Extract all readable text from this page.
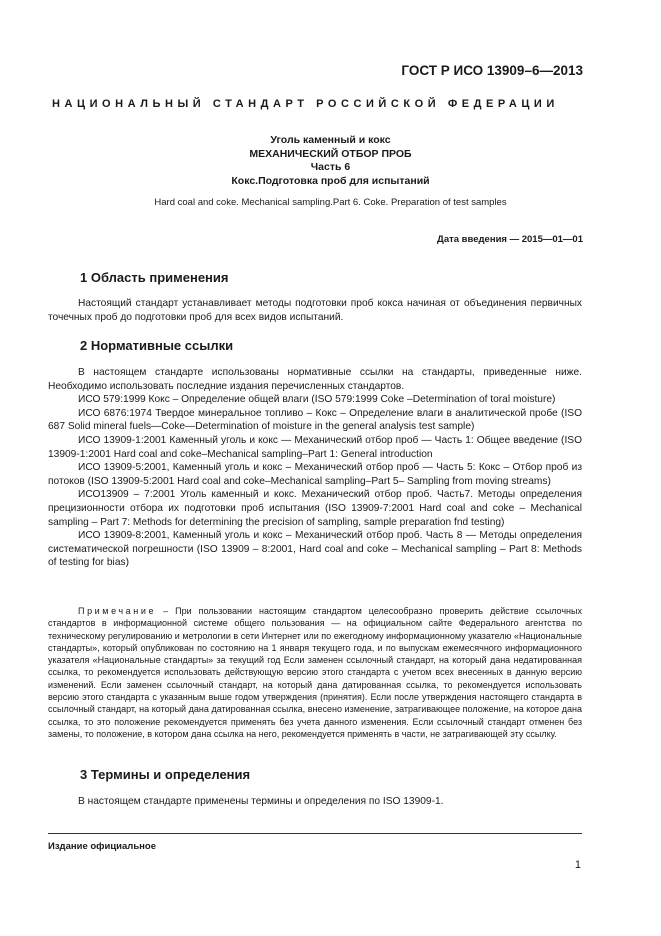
ГОСТ Р ИСО 13909–6—2013
НАЦИОНАЛЬНЫЙ СТАНДАРТ РОССИЙСКОЙ ФЕДЕРАЦИИ
Уголь каменный и кокс
МЕХАНИЧЕСКИЙ ОТБОР ПРОБ
Часть 6
Кокс.Подготовка проб для испытаний
Hard coal and coke. Mechanical sampling.Part 6. Coke. Preparation of test samples
Дата введения — 2015—01—01
1 Область применения

Настоящий стандарт устанавливает методы подготовки проб кокса начиная от объединения первичных точечных проб до подготовки проб для всех видов испытаний.

2 Нормативные ссылки

В настоящем стандарте использованы нормативные ссылки на стандарты, приведенные ниже. Необходимо использовать последние издания перечисленных стандартов.

ИСО 579:1999 Кокс – Определение общей влаги (ISO 579:1999 Coke –Determination of toral moisture)

ИСО 6876:1974 Твердое минеральное топливо – Кокс – Определение влаги в аналитической пробе (ISO 687 Solid mineral fuels—Coke—Determination of moisture in the general analysis test sample)

ИСО 13909-1:2001 Каменный уголь и кокс — Механический отбор проб — Часть 1: Общее введение (ISO 13909-1:2001 Hard coal and coke–Mechanical sampling–Part 1: General introduction

ИСО 13909-5:2001, Каменный уголь и кокс – Механический отбор проб — Часть 5: Кокс – Отбор проб из потоков (ISO 13909-5:2001 Hard coal and coke–Mechanical sampling–Part 5– Sampling from moving streams)

ИСО13909 – 7:2001 Уголь каменный и кокс. Механический отбор проб. Часть7. Методы определения прецизионности отбора их подготовки проб испытания (ISO 13909-7:2001 Hard coal and coke – Mechanical sampling – Part 7: Methods for determining the precision of sampling, sample preparation fnd testing)

ИСО 13909-8:2001, Каменный уголь и кокс – Механический отбор проб. Часть 8 — Методы определения систематической погрешности (ISO 13909 – 8:2001, Hard coal and coke – Mechanical sampling – Part 8: Methods of testing for bias)

Примечание – При пользовании настоящим стандартом целесообразно проверить действие ссылочных стандартов в информационной системе общего пользования — на официальном сайте Федерального агентства по техническому регулированию и метрологии в сети Интернет или по ежегодному информационному указателю «Национальные стандарты», который опубликован по состоянию на 1 января текущего года, и по выпускам ежемесячного информационного указателя «Национальные стандарты» за текущий год Если заменен ссылочный стандарт, на который дана недатированная ссылка, то рекомендуется использовать действующую версию этого стандарта с учетом всех внесенных в данную версию изменений. Если заменен ссылочный стандарт, на который дана датированная ссылка, то рекомендуется использовать версию этого стандарта с указанным выше годом утверждения (принятия). Если после утверждения настоящего стандарта в ссылочный стандарт, на который дана датированная ссылка, внесено изменение, затрагивающее положение, на которое дана ссылка, то это положение рекомендуется применять без учета данного изменения. Если ссылочный стандарт отменен без замены, то положение, в котором дана ссылка на него, рекомендуется применять в части, не затрагивающей эту ссылку.

3 Термины и определения

В настоящем стандарте применены термины и определения по ISO 13909-1.

Издание официальное
1
